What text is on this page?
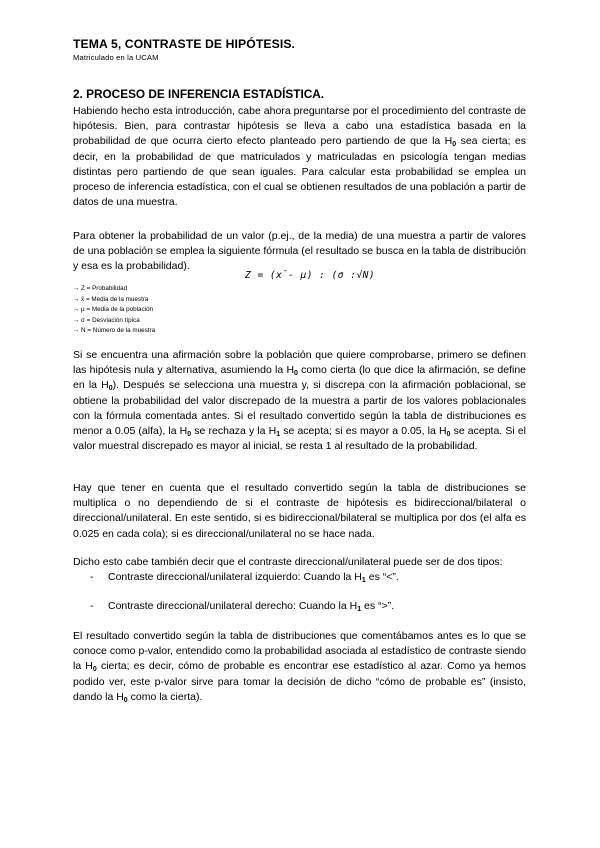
TEMA 5, CONTRASTE DE HIPÓTESIS.
Matriculado en la UCAM
2. PROCESO DE INFERENCIA ESTADÍSTICA.

Habiendo hecho esta introducción, cabe ahora preguntarse por el procedimiento del contraste de hipótesis. Bien, para contrastar hipótesis se lleva a cabo una estadística basada en la probabilidad de que ocurra cierto efecto planteado pero partiendo de que la $H_0$ sea cierta; es decir, en la probabilidad de que matriculados y matriculadas en psicología tengan medias distintas pero partiendo de que sean iguales. Para calcular esta probabilidad se emplea un proceso de inferencia estadística, con el cual se obtienen resultados de una población a partir de datos de una muestra.

Para obtener la probabilidad de un valor (p.ej., de la media) de una muestra a partir de valores de una población se emplea la siguiente fórmula (el resultado se busca en la tabla de distribución y esa es la probabilidad).

Z = (x̄- μ) : (σ :√N)
→ Z = Probabilidad
→ x̄ = Media de la muestra
→ μ = Media de la población
→ σ = Desviación típica
→ N = Número de la muestra

Si se encuentra una afirmación sobre la población que quiere comprobarse, primero se definen las hipótesis nula y alternativa, asumiendo la $H_0$ como cierta (lo que dice la afirmación, se define en la $H_0$). Después se selecciona una muestra y, si discrepa con la afirmación poblacional, se obtiene la probabilidad del valor discrepado de la muestra a partir de los valores poblacionales con la fórmula comentada antes. Si el resultado convertido según la tabla de distribuciones es menor a 0.05 (alfa), la $H_0$ se rechaza y la $H_1$ se acepta; si es mayor a 0.05, la $H_0$ se acepta. Si el valor muestral discrepado es mayor al inicial, se resta 1 al resultado de la probabilidad.

Hay que tener en cuenta que el resultado convertido según la tabla de distribuciones se multiplica o no dependiendo de si el contraste de hipótesis es bidireccional/bilateral o direccional/unilateral. En este sentido, si es bidireccional/bilateral se multiplica por dos (el alfa es 0.025 en cada cola); si es direccional/unilateral no se hace nada.

Dicho esto cabe también decir que el contraste direccional/unilateral puede ser de dos tipos:
- Contraste direccional/unilateral izquierdo: Cuando la $H_1$ es “<”.
- Contraste direccional/unilateral derecho: Cuando la $H_1$ es “>”.

El resultado convertido según la tabla de distribuciones que comentábamos antes es lo que se conoce como p-valor, entendido como la probabilidad asociada al estadístico de contraste siendo la $H_0$ cierta; es decir, cómo de probable es encontrar ese estadístico al azar. Como ya hemos podido ver, este p-valor sirve para tomar la decisión de dicho “cómo de probable es” (insisto, dando la $H_0$ como la cierta).
